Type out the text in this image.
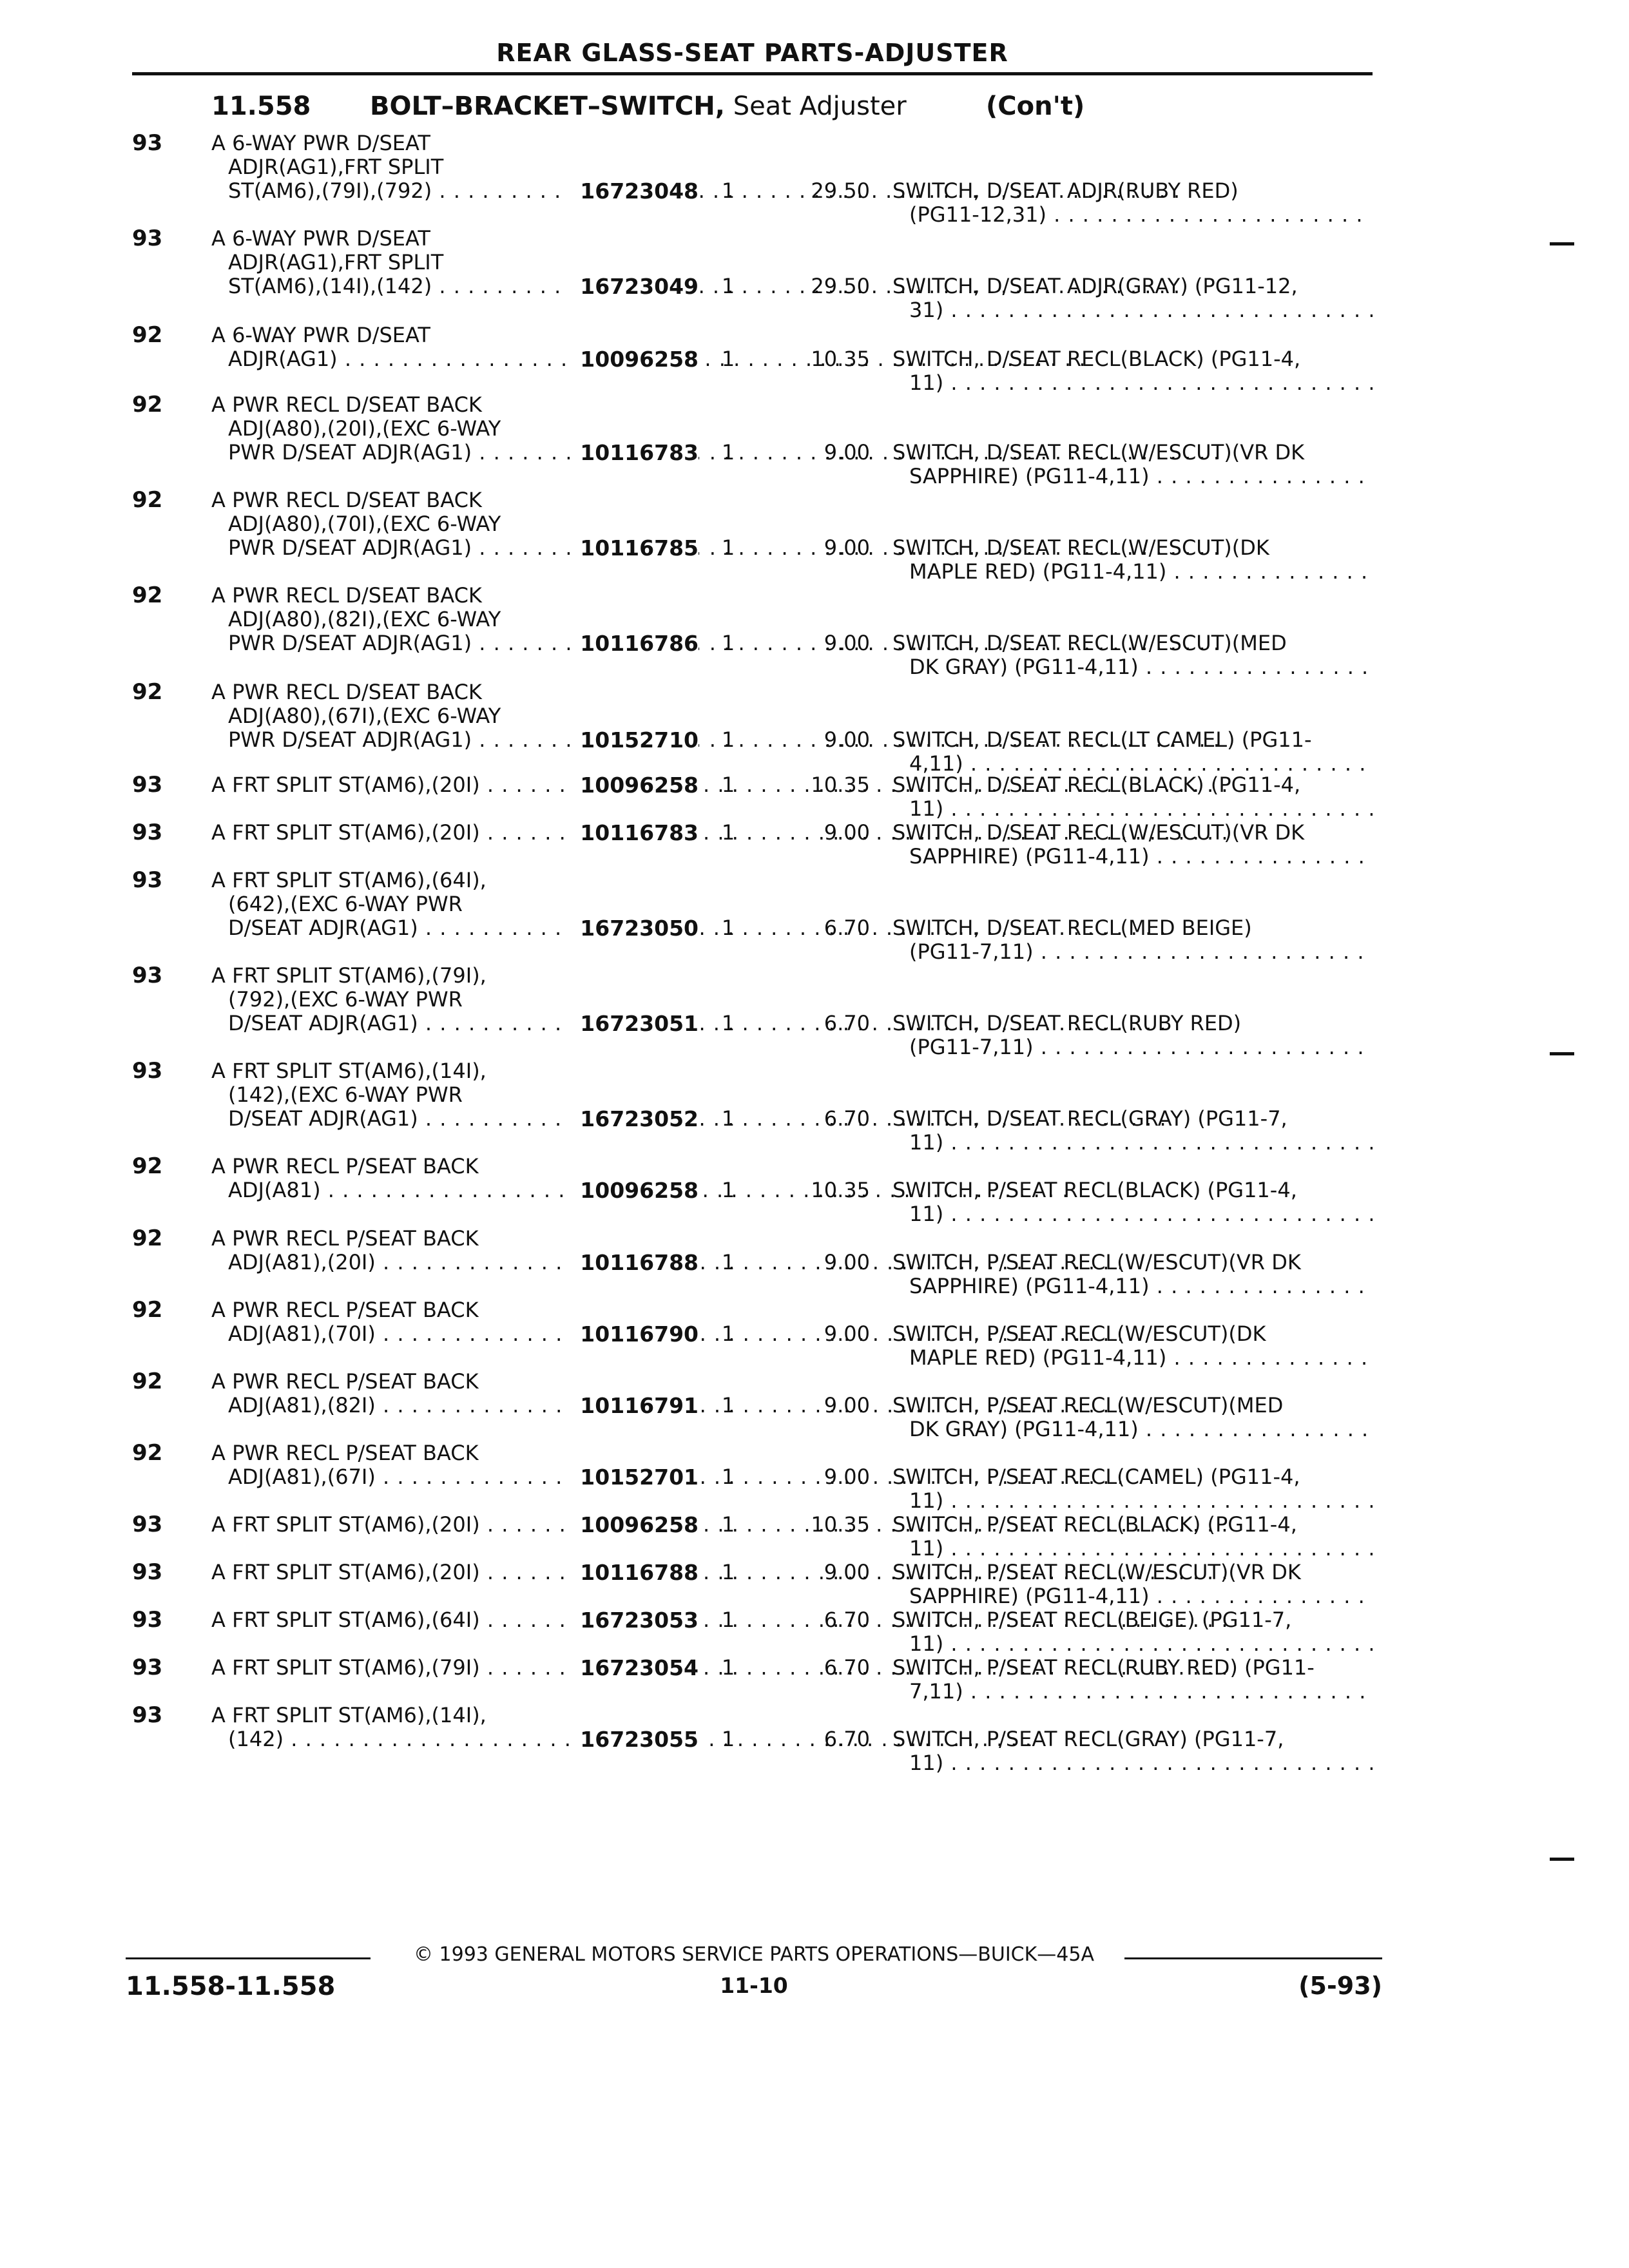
REAR GLASS-SEAT PARTS-ADJUSTER
11.558 BOLT–BRACKET–SWITCH, Seat Adjuster	(Con't)
93	A 6-WAY PWR D/SEAT
ADJR(AG1),FRT SPLIT
ST(AM6),(79I),(792) . . .	16723048	1	29.50 SWITCH, D/SEAT ADJR(RUBY RED)
(PG11-12,31) . . .
93	A 6-WAY PWR D/SEAT
ADJR(AG1),FRT SPLIT
ST(AM6),(14I),(142) . . .	16723049	1	29.50 SWITCH, D/SEAT ADJR(GRAY) (PG11-12,
31) . . .
92	A 6-WAY PWR D/SEAT
ADJR(AG1) . . .	10096258	1	10.35 SWITCH, D/SEAT RECL(BLACK) (PG11-4,
11) . . .
92	A PWR RECL D/SEAT BACK
ADJ(A80),(20I),(EXC 6-WAY
PWR D/SEAT ADJR(AG1) . . .	10116783	1	9.00 SWITCH, D/SEAT RECL(W/ESCUT)(VR DK
SAPPHIRE) (PG11-4,11) . . .
92	A PWR RECL D/SEAT BACK
ADJ(A80),(70I),(EXC 6-WAY
PWR D/SEAT ADJR(AG1) . . .	10116785	1	9.00 SWITCH, D/SEAT RECL(W/ESCUT)(DK
MAPLE RED) (PG11-4,11) . . .
92	A PWR RECL D/SEAT BACK
ADJ(A80),(82I),(EXC 6-WAY
PWR D/SEAT ADJR(AG1) . . .	10116786	1	9.00 SWITCH, D/SEAT RECL(W/ESCUT)(MED
DK GRAY) (PG11-4,11) . . .
92	A PWR RECL D/SEAT BACK
ADJ(A80),(67I),(EXC 6-WAY
PWR D/SEAT ADJR(AG1) . . .	10152710	1	9.00 SWITCH, D/SEAT RECL(LT CAMEL) (PG11-
4,11) . . .
93	A FRT SPLIT ST(AM6),(20I) . . .	10096258	1	10.35 SWITCH, D/SEAT RECL(BLACK) (PG11-4,
11) . . .
93	A FRT SPLIT ST(AM6),(20I) . . .	10116783	1	9.00 SWITCH, D/SEAT RECL(W/ESCUT)(VR DK
SAPPHIRE) (PG11-4,11) . . .
93	A FRT SPLIT ST(AM6),(64I),
(642),(EXC 6-WAY PWR
D/SEAT ADJR(AG1) . . .	16723050	1	6.70 SWITCH, D/SEAT RECL(MED BEIGE)
(PG11-7,11) . . .
93	A FRT SPLIT ST(AM6),(79I),
(792),(EXC 6-WAY PWR
D/SEAT ADJR(AG1) . . .	16723051	1	6.70 SWITCH, D/SEAT RECL(RUBY RED)
(PG11-7,11) . . .
93	A FRT SPLIT ST(AM6),(14I),
(142),(EXC 6-WAY PWR
D/SEAT ADJR(AG1) . . .	16723052	1	6.70 SWITCH, D/SEAT RECL(GRAY) (PG11-7,
11) . . .
92	A PWR RECL P/SEAT BACK
ADJ(A81) . . .	10096258	1	10.35 SWITCH, P/SEAT RECL(BLACK) (PG11-4,
11) . . .
92	A PWR RECL P/SEAT BACK
ADJ(A81),(20I) . . .	10116788	1	9.00 SWITCH, P/SEAT RECL(W/ESCUT)(VR DK
SAPPHIRE) (PG11-4,11) . . .
92	A PWR RECL P/SEAT BACK
ADJ(A81),(70I) . . .	10116790	1	9.00 SWITCH, P/SEAT RECL(W/ESCUT)(DK
MAPLE RED) (PG11-4,11) . . .
92	A PWR RECL P/SEAT BACK
ADJ(A81),(82I) . . .	10116791	1	9.00 SWITCH, P/SEAT RECL(W/ESCUT)(MED
DK GRAY) (PG11-4,11) . . .
92	A PWR RECL P/SEAT BACK
ADJ(A81),(67I) . . .	10152701	1	9.00 SWITCH, P/SEAT RECL(CAMEL) (PG11-4,
11) . . .
93	A FRT SPLIT ST(AM6),(20I) . . .	10096258	1	10.35 SWITCH, P/SEAT RECL(BLACK) (PG11-4,
11) . . .
93	A FRT SPLIT ST(AM6),(20I) . . .	10116788	1	9.00 SWITCH, P/SEAT RECL(W/ESCUT)(VR DK
SAPPHIRE) (PG11-4,11) . . .
93	A FRT SPLIT ST(AM6),(64I) . . .	16723053	1	6.70 SWITCH, P/SEAT RECL(BEIGE) (PG11-7,
11) . . .
93	A FRT SPLIT ST(AM6),(79I) . . .	16723054	1	6.70 SWITCH, P/SEAT RECL(RUBY RED) (PG11-
7,11) . . .
93	A FRT SPLIT ST(AM6),(14I),
(142) . . .	16723055	1	6.70 SWITCH, P/SEAT RECL(GRAY) (PG11-7,
11) . . .
© 1993 GENERAL MOTORS SERVICE PARTS OPERATIONS—BUICK—45A
11.558-11.558	11-10	(5-93)
